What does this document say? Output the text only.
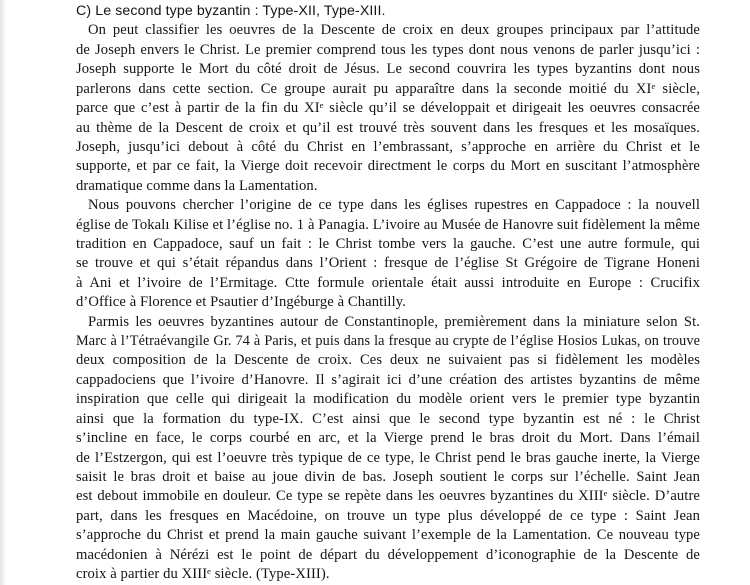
C) Le second type byzantin : Type-XII, Type-XIII.
On peut classifier les oeuvres de la Descente de croix en deux groupes principaux par l’attitude
de Joseph envers le Christ. Le premier comprend tous les types dont nous venons de parler jusqu’ici :
Joseph supporte le Mort du côté droit de Jésus. Le second couvrira les types byzantins dont nous
parlerons dans cette section. Ce groupe aurait pu apparaître dans la seconde moitié du XIᵉ siècle,
parce que c’est à partir de la fin du XIᵉ siècle qu’il se développait et dirigeait les oeuvres consacrée
au thème de la Descent de croix et qu’il est trouvé très souvent dans les fresques et les mosaïques.
Joseph, jusqu’ici debout à côté du Christ en l’embrassant, s’approche en arrière du Christ et le
supporte, et par ce fait, la Vierge doit recevoir directment le corps du Mort en suscitant l’atmosphère
dramatique comme dans la Lamentation.
Nous pouvons chercher l’origine de ce type dans les églises rupestres en Cappadoce : la nouvell
église de Tokalı Kilise et l’église no. 1 à Panagia. L’ivoire au Musée de Hanovre suit fidèlement la même
tradition en Cappadoce, sauf un fait : le Christ tombe vers la gauche. C’est une autre formule, qui
se trouve et qui s’était répandus dans l’Orient : fresque de l’église St Grégoire de Tigrane Honeni
à Ani et l’ivoire de l’Ermitage. Ctte formule orientale était aussi introduite en Europe : Crucifix
d’Office à Florence et Psautier d’Ingéburge à Chantilly.
Parmis les oeuvres byzantines autour de Constantinople, premièrement dans la miniature selon St.
Marc à l’Tétraévangile Gr. 74 à Paris, et puis dans la fresque au crypte de l’église Hosios Lukas, on trouve
deux composition de la Descente de croix. Ces deux ne suivaient pas si fidèlement les modèles
cappadociens que l’ivoire d’Hanovre. Il s’agirait ici d’une création des artistes byzantins de même
inspiration que celle qui dirigeait la modification du modèle orient vers le premier type byzantin
ainsi que la formation du type-IX. C’est ainsi que le second type byzantin est né : le Christ
s’incline en face, le corps courbé en arc, et la Vierge prend le bras droit du Mort. Dans l’émail
de l’Estzergon, qui est l’oeuvre très typique de ce type, le Christ pend le bras gauche inerte, la Vierge
saisit le bras droit et baise au joue divin de bas. Joseph soutient le corps sur l’échelle. Saint Jean
est debout immobile en douleur. Ce type se repète dans les oeuvres byzantines du XIIIᵉ siècle. D’autre
part, dans les fresques en Macédoine, on trouve un type plus développé de ce type : Saint Jean
s’approche du Christ et prend la main gauche suivant l’exemple de la Lamentation. Ce nouveau type
macédonien à Nérézi est le point de départ du développement d’iconographie de la Descente de
croix à partier du XIIIᵉ siècle. (Type-XIII).
